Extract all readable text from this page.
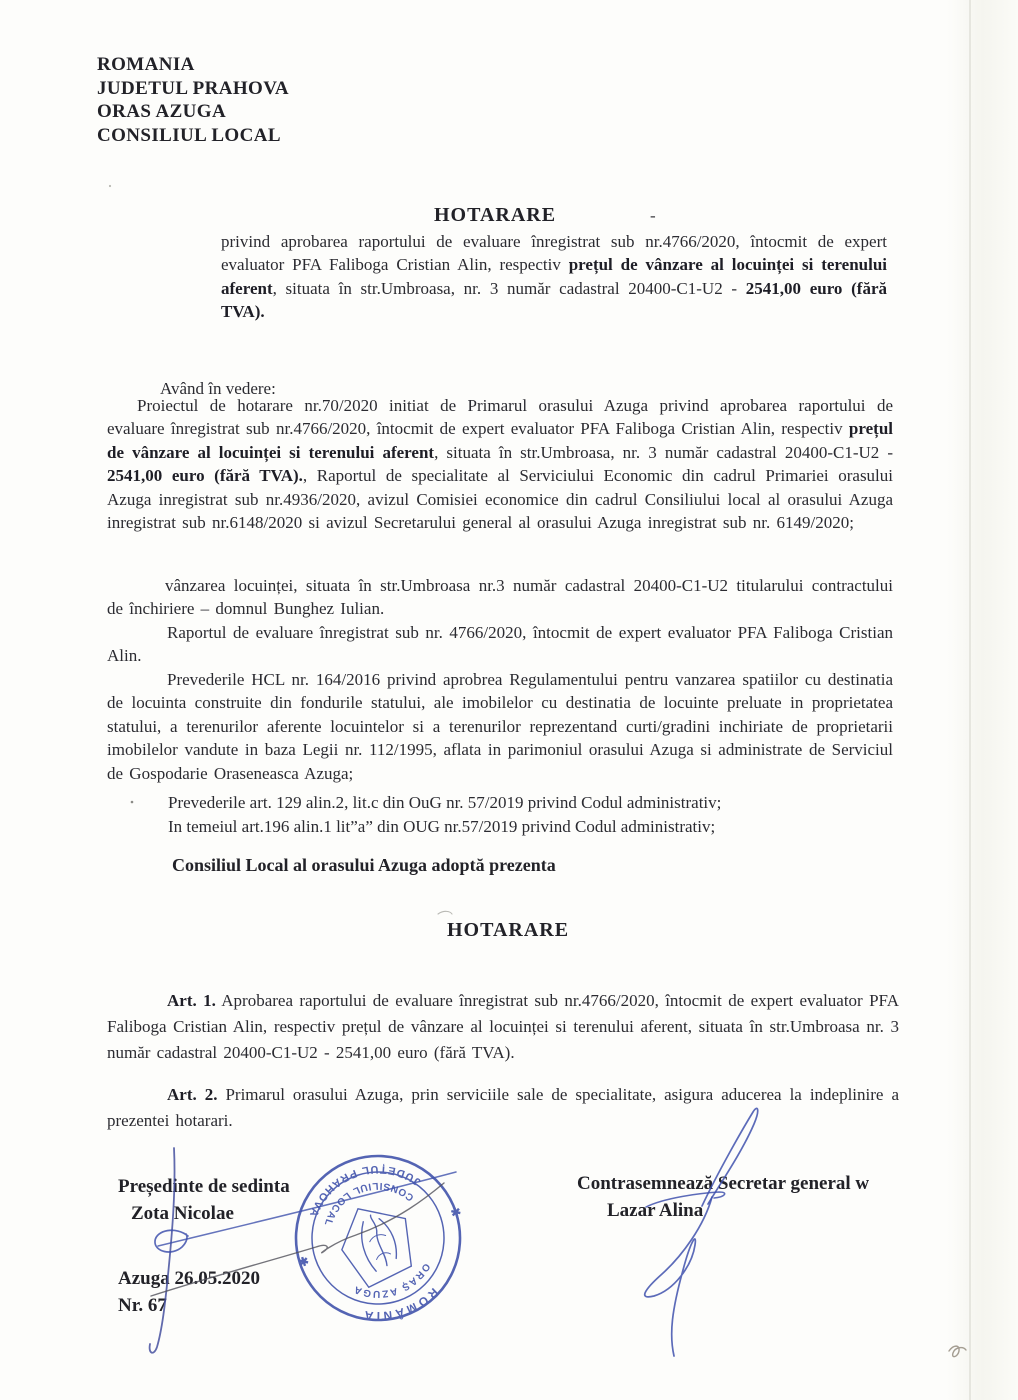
ROMANIA
JUDETUL PRAHOVA
ORAS AZUGA
CONSILIUL LOCAL
HOTARARE	-
privind aprobarea raportului de evaluare înregistrat sub nr.4766/2020, întocmit de expert evaluator PFA Faliboga Cristian Alin, respectiv prețul de vânzare al locuinței si terenului aferent, situata în str.Umbroasa, nr. 3 număr cadastral 20400-C1-U2 - 2541,00 euro (fără TVA).
Având în vedere:
Proiectul de hotarare nr.70/2020 initiat de Primarul orasului Azuga privind aprobarea raportului de evaluare înregistrat sub nr.4766/2020, întocmit de expert evaluator PFA Faliboga Cristian Alin, respectiv prețul de vânzare al locuinței si terenului aferent, situata în str.Umbroasa, nr. 3 număr cadastral 20400-C1-U2 - 2541,00 euro (fără TVA)., Raportul de specialitate al Serviciului Economic din cadrul Primariei orasului Azuga inregistrat sub nr.4936/2020, avizul Comisiei economice din cadrul Consiliului local al orasului Azuga inregistrat sub nr.6148/2020 si avizul Secretarului general al orasului Azuga inregistrat sub nr. 6149/2020;
vânzarea locuinței, situata în str.Umbroasa nr.3 număr cadastral 20400-C1-U2 titularului contractului de închiriere – domnul Bunghez Iulian.
Raportul de evaluare înregistrat sub nr. 4766/2020, întocmit de expert evaluator PFA Faliboga Cristian Alin.
Prevederile HCL nr. 164/2016 privind aprobrea Regulamentului pentru vanzarea spatiilor cu destinatia de locuinta construite din fondurile statului, ale imobilelor cu destinatia de locuinte preluate in proprietatea statului, a terenurilor aferente locuintelor si a terenurilor reprezentand curti/gradini inchiriate de proprietarii imobilelor vandute in baza Legii nr. 112/1995, aflata in parimoniul orasului Azuga si administrate de Serviciul de Gospodarie Oraseneasca Azuga;
Prevederile art. 129 alin.2, lit.c din OuG nr. 57/2019 privind Codul administrativ;
In temeiul art.196 alin.1 lit”a” din OUG nr.57/2019 privind Codul administrativ;
Consiliul Local al orasului Azuga adoptă prezenta
HOTARARE
Art. 1. Aprobarea raportului de evaluare înregistrat sub nr.4766/2020, întocmit de expert evaluator PFA Faliboga Cristian Alin, respectiv prețul de vânzare al locuinței si terenului aferent, situata în str.Umbroasa nr. 3 număr cadastral 20400-C1-U2 - 2541,00 euro (fără TVA).
Art. 2. Primarul orasului Azuga, prin serviciile sale de specialitate, asigura aducerea la indeplinire a prezentei hotarari.
Președinte de sedinta
Zota Nicolae
Azuga 26.05.2020
Nr. 67
Contrasemnează Secretar general w
Lazar Alina
ROMÂNIA
JUDEȚUL PRAHOVA
CONSILIUL LOCAL
ORAȘ AZUGA
✱
✱
